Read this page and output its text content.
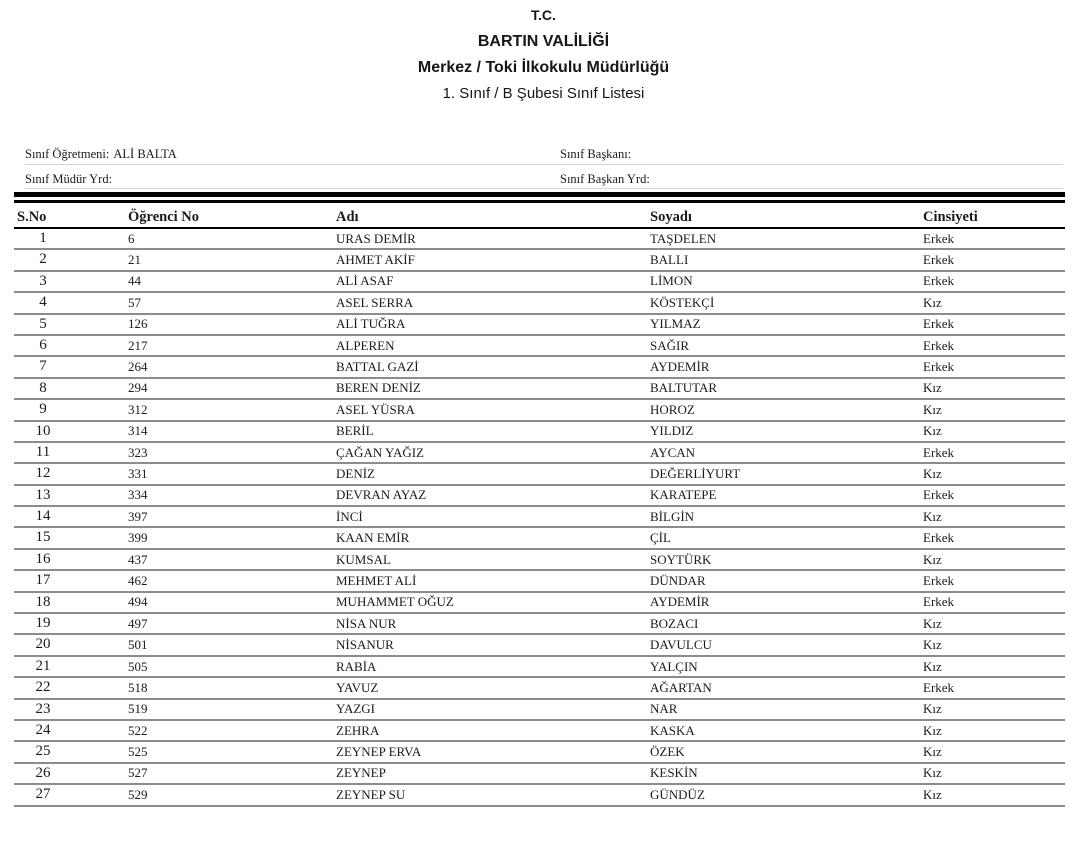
T.C.
BARTIN VALİLİĞİ
Merkez / Toki İlkokulu Müdürlüğü
1. Sınıf / B Şubesi Sınıf Listesi
Sınıf Öğretmeni: ALİ BALTA	Sınıf Başkanı:
Sınıf Müdür Yrd:	Sınıf Başkan Yrd:
S.No	Öğrenci No	Adı	Soyadı	Cinsiyeti
1	6	URAS DEMİR	TAŞDELEN	Erkek
2	21	AHMET AKİF	BALLI	Erkek
3	44	ALİ ASAF	LİMON	Erkek
4	57	ASEL SERRA	KÖSTEKÇİ	Kız
5	126	ALİ TUĞRA	YILMAZ	Erkek
6	217	ALPEREN	SAĞIR	Erkek
7	264	BATTAL GAZİ	AYDEMİR	Erkek
8	294	BEREN DENİZ	BALTUTAR	Kız
9	312	ASEL YÜSRA	HOROZ	Kız
10	314	BERİL	YILDIZ	Kız
11	323	ÇAĞAN YAĞIZ	AYCAN	Erkek
12	331	DENİZ	DEĞERLİYURT	Kız
13	334	DEVRAN AYAZ	KARATEPE	Erkek
14	397	İNCİ	BİLGİN	Kız
15	399	KAAN EMİR	ÇİL	Erkek
16	437	KUMSAL	SOYTÜRK	Kız
17	462	MEHMET ALİ	DÜNDAR	Erkek
18	494	MUHAMMET OĞUZ	AYDEMİR	Erkek
19	497	NİSA NUR	BOZACI	Kız
20	501	NİSANUR	DAVULCU	Kız
21	505	RABİA	YALÇIN	Kız
22	518	YAVUZ	AĞARTAN	Erkek
23	519	YAZGI	NAR	Kız
24	522	ZEHRA	KASKA	Kız
25	525	ZEYNEP ERVA	ÖZEK	Kız
26	527	ZEYNEP	KESKİN	Kız
27	529	ZEYNEP SU	GÜNDÜZ	Kız
